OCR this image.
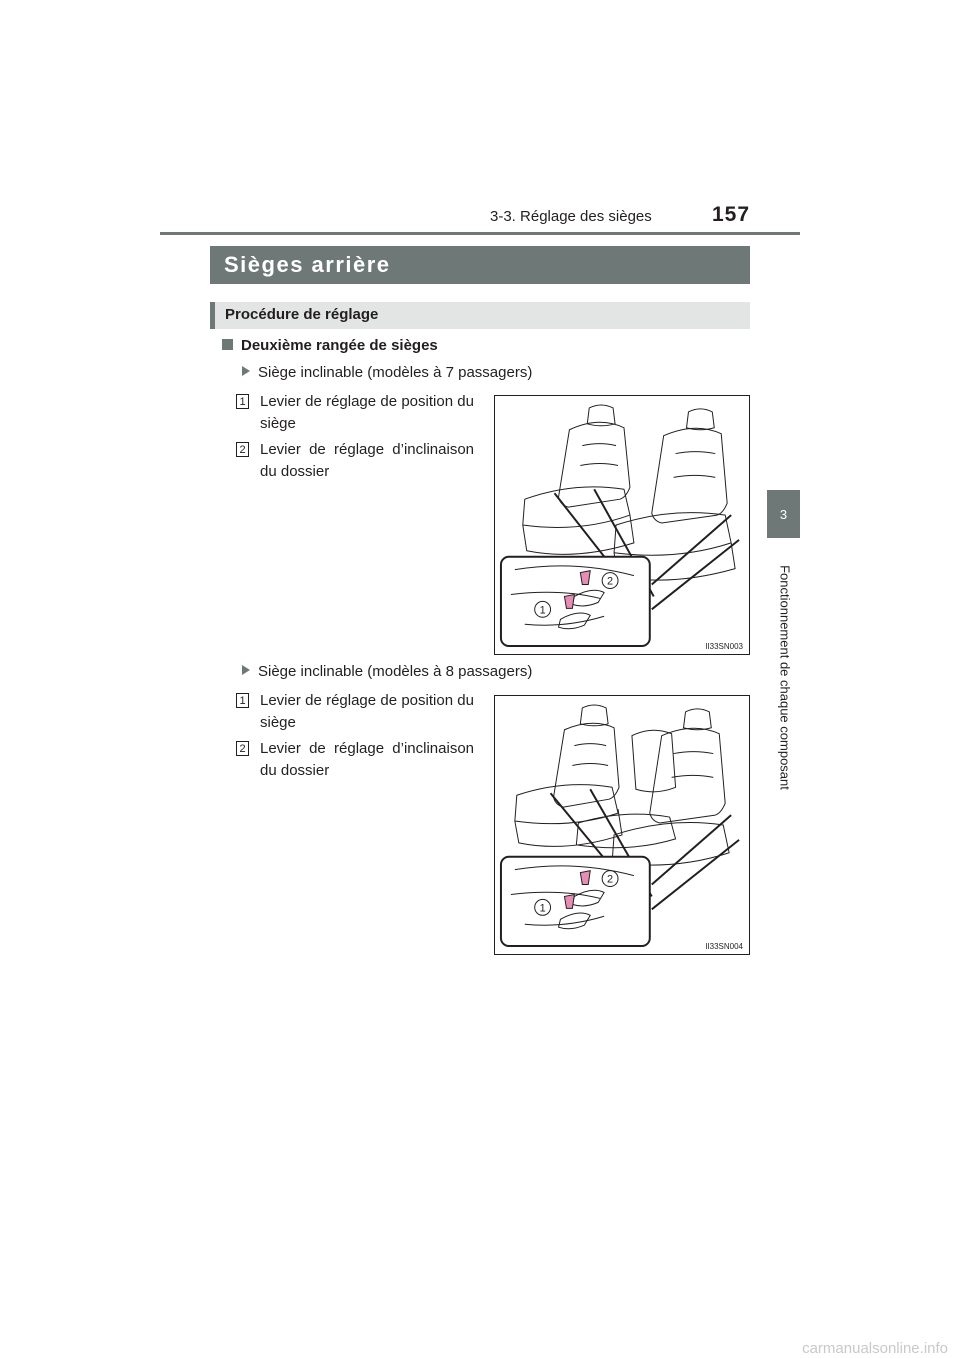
3-3. Réglage des sièges	157
3
Fonctionnement de chaque composant
Sièges arrière
Procédure de réglage
Deuxième rangée de sièges
Siège inclinable (modèles à 7 passagers)
1 Levier de réglage de position du siège
2 Levier de réglage d’inclinaison du dossier
2
1
II33SN003
Siège inclinable (modèles à 8 passagers)
1 Levier de réglage de position du siège
2 Levier de réglage d’inclinaison du dossier
2
1
II33SN004
carmanualsonline.info
